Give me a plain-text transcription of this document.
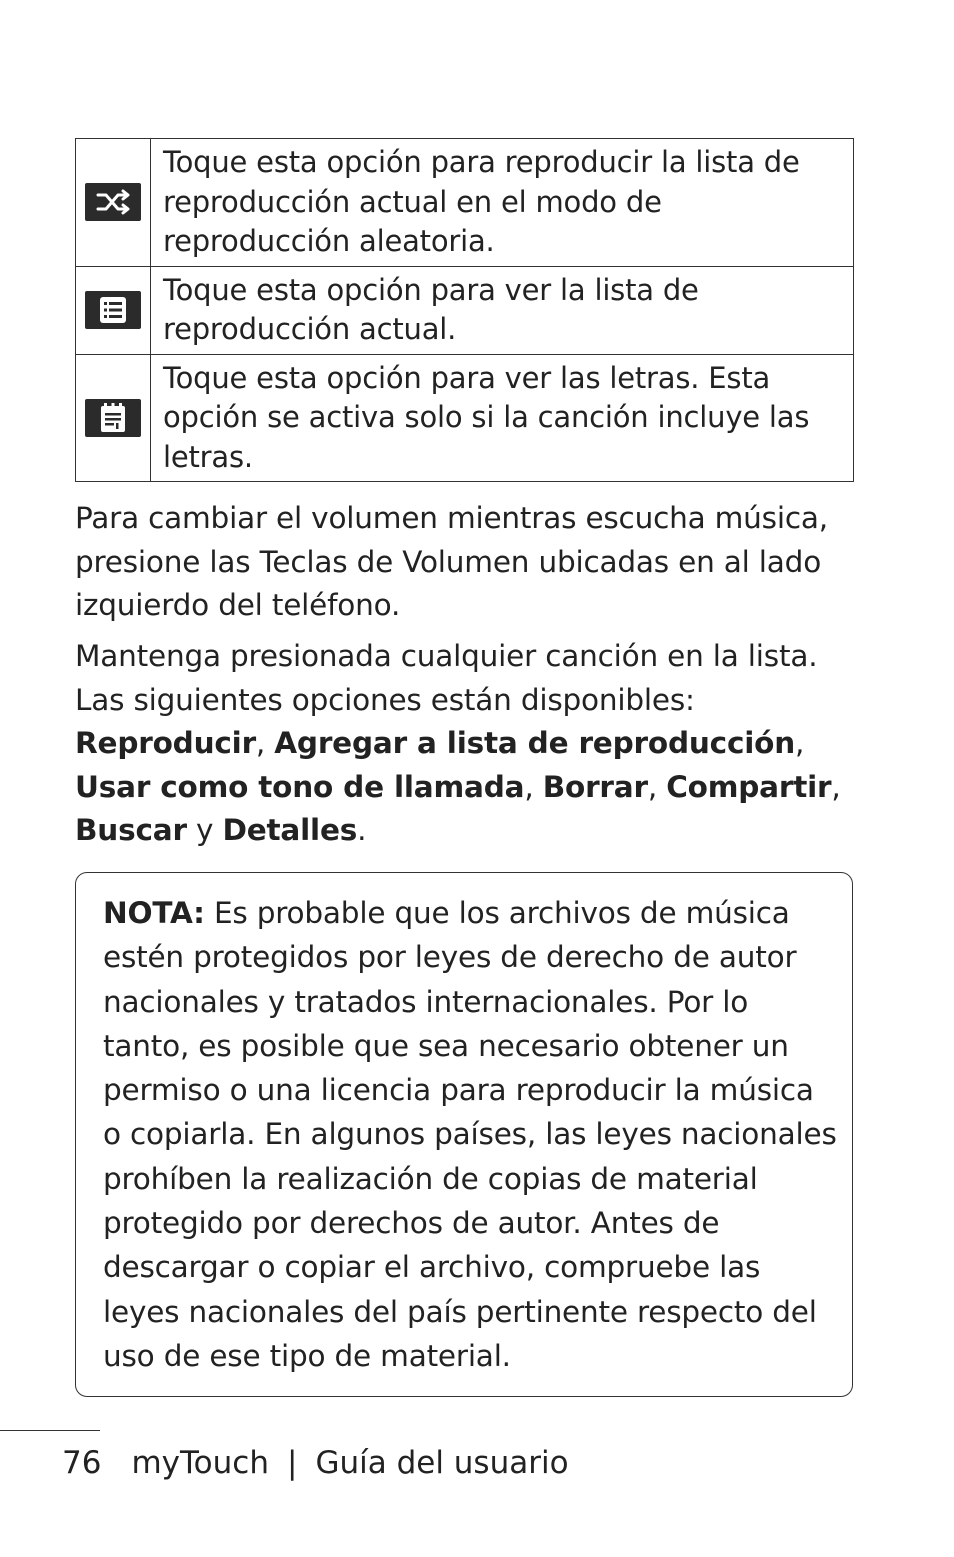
	Toque esta opción para reproducir la lista de reproducción actual en el modo de reproducción aleatoria.

	Toque esta opción para ver la lista de reproducción actual.

	Toque esta opción para ver las letras. Esta opción se activa solo si la canción incluye las letras.

Para cambiar el volumen mientras escucha música, presione las Teclas de Volumen ubicadas en al lado izquierdo del teléfono.

Mantenga presionada cualquier canción en la lista. Las siguientes opciones están disponibles: Reproducir, Agregar a lista de reproducción, Usar como tono de llamada, Borrar, Compartir, Buscar y Detalles.

NOTA: Es probable que los archivos de música estén protegidos por leyes de derecho de autor nacionales y tratados internacionales. Por lo tanto, es posible que sea necesario obtener un permiso o una licencia para reproducir la música o copiarla. En algunos países, las leyes nacionales prohíben la realización de copias de material protegido por derechos de autor. Antes de descargar o copiar el archivo, compruebe las leyes nacionales del país pertinente respecto del uso de ese tipo de material.

76 myTouch | Guía del usuario
